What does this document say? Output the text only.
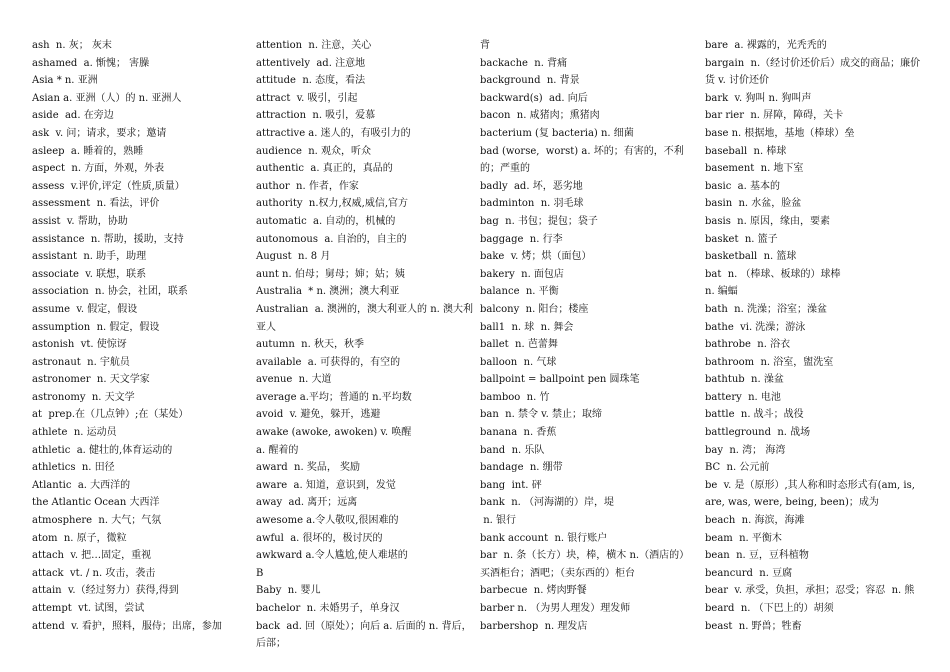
ash  n. 灰； 灰末
ashamed  a. 惭愧； 害臊
Asia * n. 亚洲
Asian a. 亚洲（人）的 n. 亚洲人
aside  ad. 在旁边
ask  v. 问；请求，要求；邀请
asleep  a. 睡着的，熟睡
aspect  n. 方面，外观，外表
assess  v.评价,评定（性质,质量）
assessment  n. 看法，评价
assist  v. 帮助，协助
assistance  n. 帮助，援助，支持
assistant  n. 助手，助理
associate  v. 联想，联系
association  n. 协会，社团，联系
assume  v. 假定，假设
assumption  n. 假定，假设
astonish  vt. 使惊讶
astronaut  n. 宇航员
astronomer  n. 天文学家
astronomy  n. 天文学
at  prep.在（几点钟）;在（某处）
athlete  n. 运动员
athletic  a. 健壮的,体育运动的
athletics  n. 田径
Atlantic  a. 大西洋的
the Atlantic Ocean 大西洋
atmosphere  n. 大气；气氛
atom  n. 原子，微粒
attach  v. 把…固定，重视
attack  vt. / n. 攻击，袭击
attain  v.（经过努力）获得,得到
attempt  vt. 试图，尝试
attend  v. 看护，照料，服侍；出席，参加
attention  n. 注意，关心
attentively  ad. 注意地
attitude  n. 态度，看法
attract  v. 吸引，引起
attraction  n. 吸引，爱慕
attractive a. 迷人的，有吸引力的
audience  n. 观众，听众
authentic  a. 真正的，真品的
author  n. 作者，作家
authority  n.权力,权威,威信,官方
automatic  a. 自动的，机械的
autonomous  a. 自治的，自主的
August  n. 8 月
aunt n. 伯母；舅母；婶；姑；姨
Australia  * n. 澳洲；澳大利亚
Australian  a. 澳洲的，澳大利亚人的 n. 澳大利亚人
autumn  n. 秋天，秋季
available  a. 可获得的，有空的
avenue  n. 大道
average a.平均；普通的 n.平均数
avoid  v. 避免，躲开，逃避
awake (awoke, awoken) v. 唤醒
a. 醒着的
award  n. 奖品， 奖励
aware  a. 知道，意识到，发觉
away  ad. 离开；远离
awesome a.令人敬叹,很困难的
awful  a. 很坏的，极讨厌的
awkward a.令人尴尬,使人难堪的
B
Baby  n. 婴儿
bachelor  n. 未婚男子，单身汉
back  ad. 回（原处）；向后 a. 后面的 n. 背后，后部；
背
backache  n. 背痛
background  n. 背景
backward(s)  ad. 向后
bacon  n. 咸猪肉；熏猪肉
bacterium (复 bacteria) n. 细菌
bad (worse,  worst) a. 坏的；有害的，不利的；严重的
badly  ad. 坏，恶劣地
badminton  n. 羽毛球
bag  n. 书包；提包；袋子
baggage  n. 行李
bake  v. 烤；烘（面包）
bakery  n. 面包店
balance  n. 平衡
balcony  n. 阳台；楼座
ball1  n. 球  n. 舞会
ballet  n. 芭蕾舞
balloon  n. 气球
ballpoint = ballpoint pen 圆珠笔
bamboo  n. 竹
ban  n. 禁令 v. 禁止；取缔
banana  n. 香蕉
band  n. 乐队
bandage  n. 绷带
bang  int. 砰
bank  n. （河海湖的）岸，堤
n. 银行
bank account  n. 银行账户
bar  n. 条（长方）块，棒，横木 n.（酒店的）买酒柜台；酒吧；（卖东西的）柜台
barbecue  n. 烤肉野餐
barber n. （为男人理发）理发师
barbershop  n. 理发店
bare  a. 裸露的，光秃秃的
bargain  n.（经讨价还价后）成交的商品；廉价货 v. 讨价还价
bark  v. 狗叫 n. 狗叫声
bar rier  n. 屏障，障碍，关卡
base n. 根据地，基地（棒球）垒
baseball  n. 棒球
basement  n. 地下室
basic  a. 基本的
basin  n. 水盆，脸盆
basis  n. 原因，缘由，要素
basket  n. 篮子
basketball  n. 篮球
bat  n. （棒球、板球的）球棒
n. 编蝠
bath  n. 洗澡；浴室；澡盆
bathe  vi. 洗澡；游泳
bathrobe  n. 浴衣
bathroom  n. 浴室，盥洗室
bathtub  n. 澡盆
battery  n. 电池
battle  n. 战斗；战役
battleground  n. 战场
bay  n. 湾； 海湾
BC  n. 公元前
be  v. 是（原形）,其人称和时态形式有(am, is, are, was, were, being, been)；成为
beach  n. 海滨，海滩
beam  n. 平衡木
bean  n. 豆，豆科植物
beancurd  n. 豆腐
bear  v. 承受，负担，承担；忍受；容忍  n. 熊
beard  n. （下巴上的）胡须
beast  n. 野兽；牲畜
